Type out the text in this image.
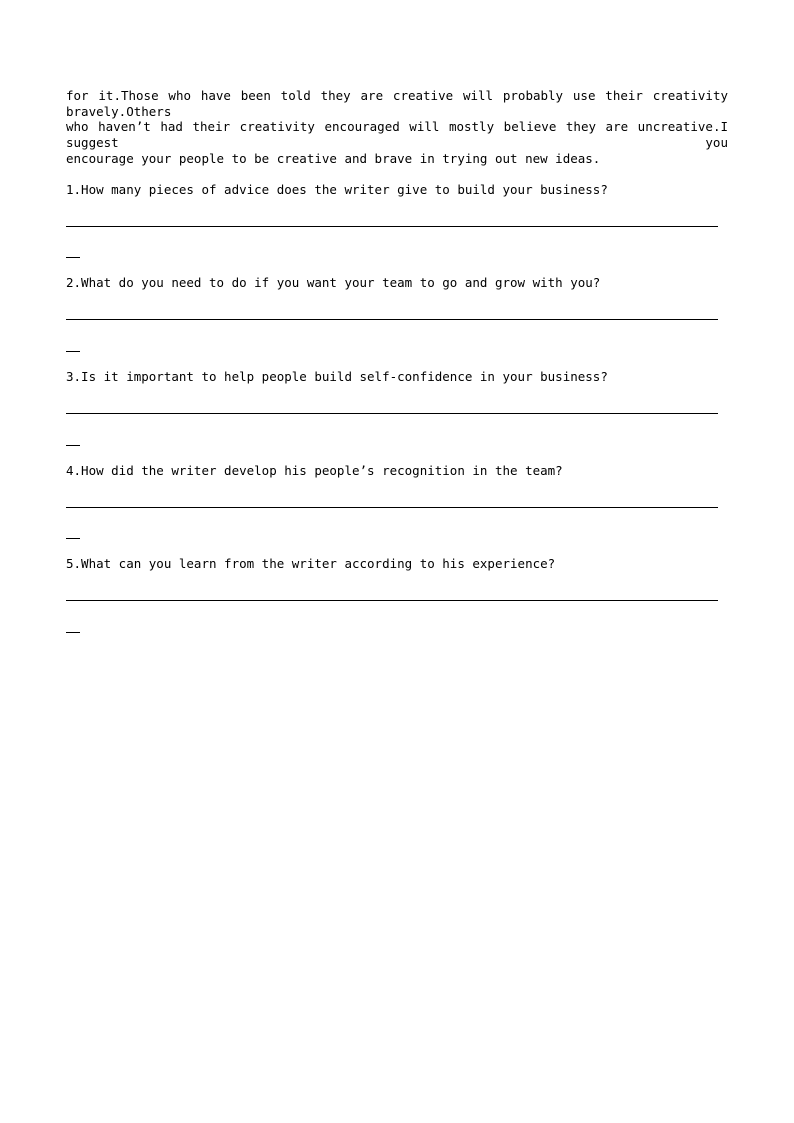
for it.Those who have been told they are creative will probably use their creativity bravely.Others
who haven’t had their creativity encouraged will mostly believe they are uncreative.I suggest you
encourage your people to be creative and brave in trying out new ideas.
1.How many pieces of advice does the writer give to build your business?
2.What do you need to do if you want your team to go and grow with you?
3.Is it important to help people build self-confidence in your business?
4.How did the writer develop his people’s recognition in the team?
5.What can you learn from the writer according to his experience?
